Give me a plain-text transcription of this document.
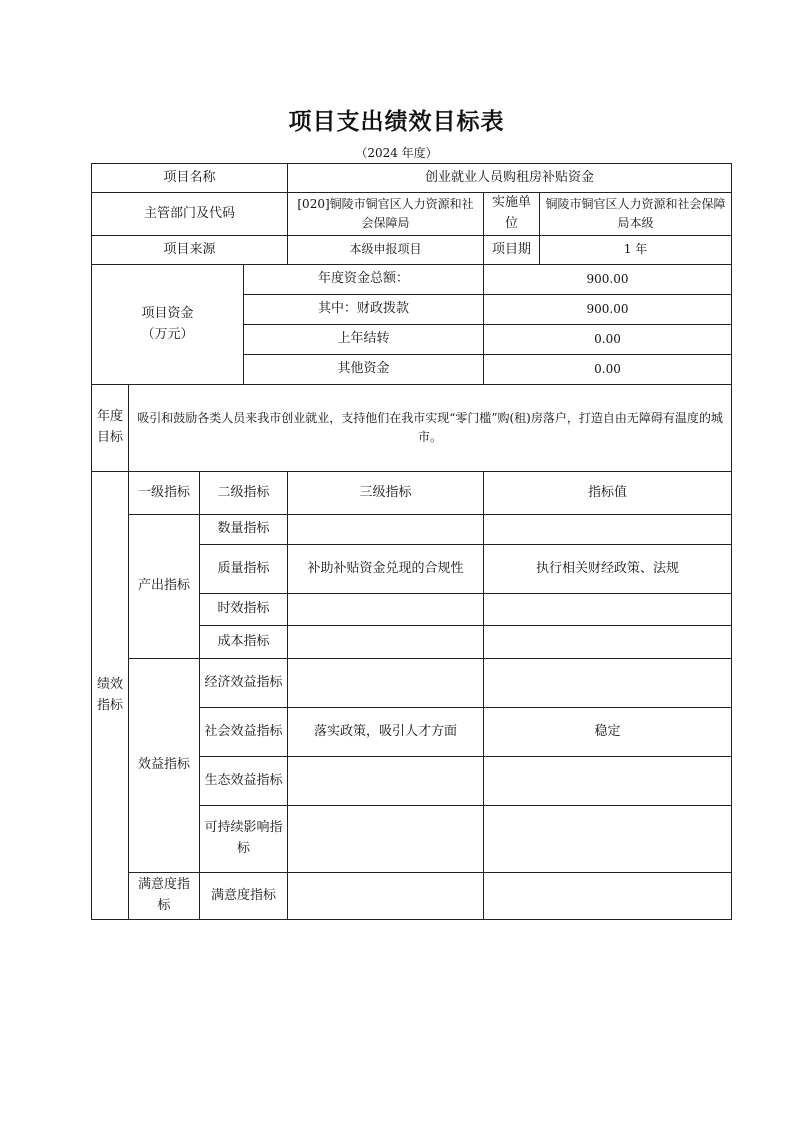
项目支出绩效目标表
（2024 年度）
项目名称				创业就业人员购租房补贴资金		
主管部门及代码				[020]铜陵市铜官区人力资源和社会保障局	实施单位	铜陵市铜官区人力资源和社会保障局本级
项目来源				本级申报项目	项目期	1 年
项目资金
（万元）			年度资金总额：		900.00	
			其中：财政拨款		900.00	
			上年结转		0.00	
			其他资金		0.00	
年度目标	吸引和鼓励各类人员来我市创业就业，支持他们在我市实现“零门槛”购(租)房落户，打造自由无障碍有温度的城市。					
绩效指标	一级指标	二级指标		三级指标	指标值	
	产出指标	数量指标				
		质量指标		补助补贴资金兑现的合规性	执行相关财经政策、法规	
		时效指标				
		成本指标				
	效益指标	经济效益指标				
		社会效益指标		落实政策，吸引人才方面	稳定	
		生态效益指标				
		可持续影响指标				
	满意度指标	满意度指标				
